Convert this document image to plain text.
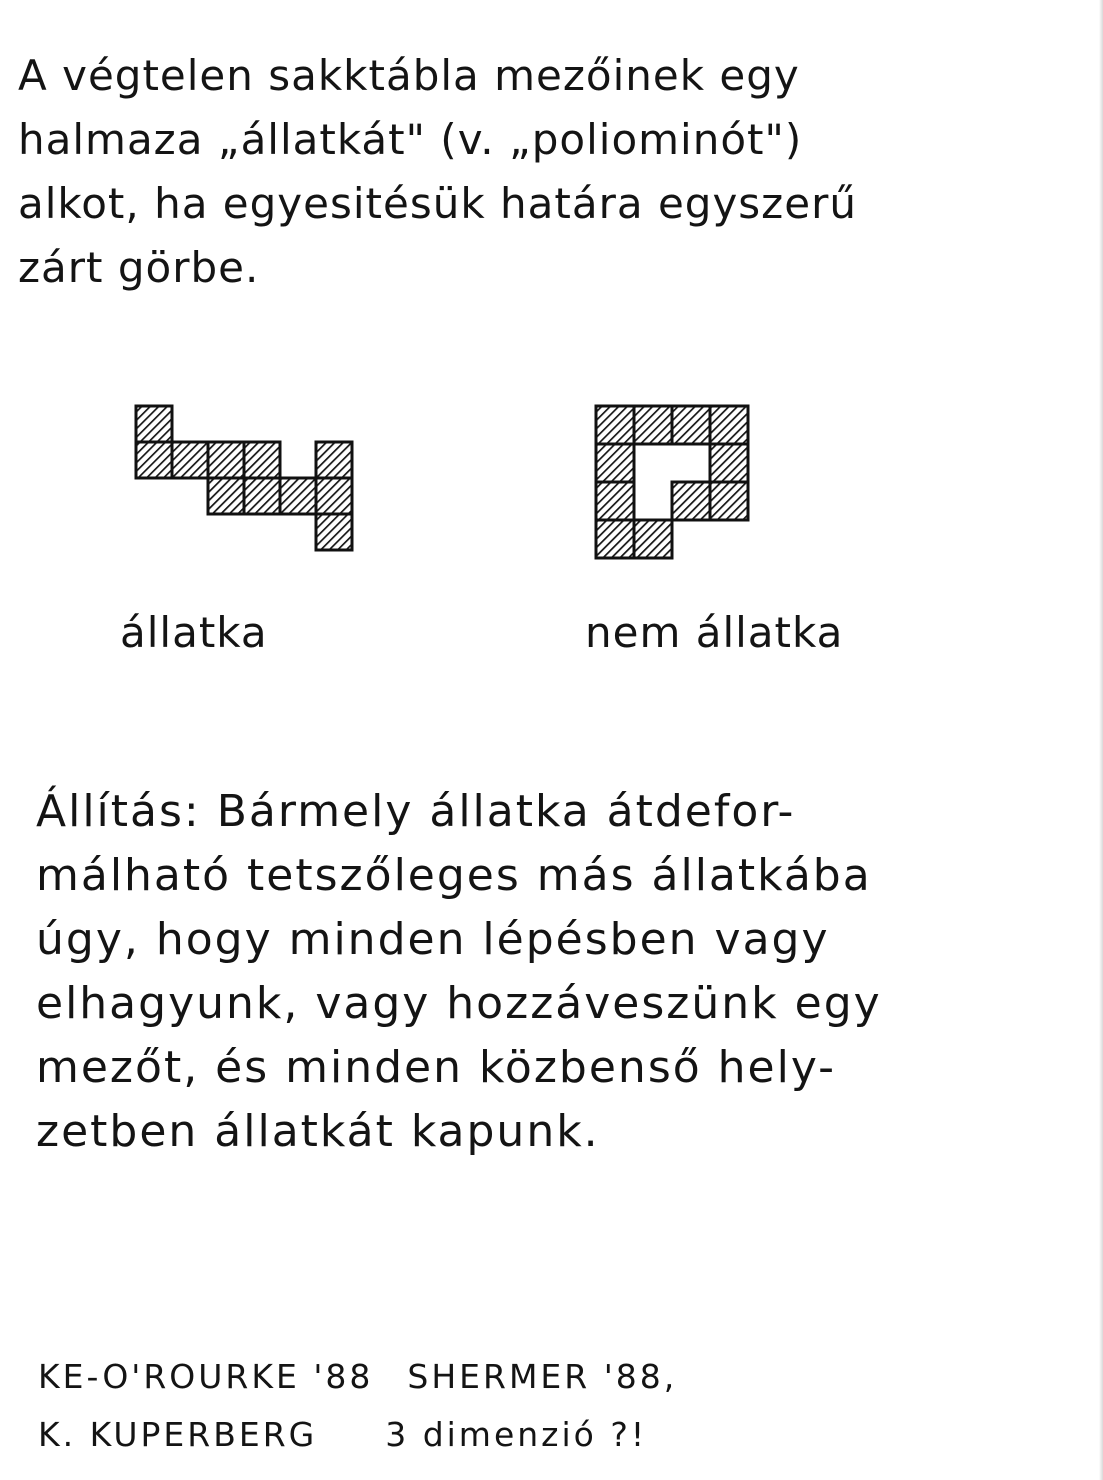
A végtelen sakktábla mezőinek egy
halmaza „állatkát" (v. „poliominót")
alkot, ha egyesitésük határa egyszerű
zárt görbe.

állatka	nem állatka

Állítás: Bármely állatka átdefor-
málható tetszőleges más állatkába
úgy, hogy minden lépésben vagy
elhagyunk, vagy hozzáveszünk egy
mezőt, és minden közbenső hely-
zetben állatkát kapunk.

KE-O'ROURKE '88 SHERMER '88,
K. KUPERBERG 3 dimenzió ?!
